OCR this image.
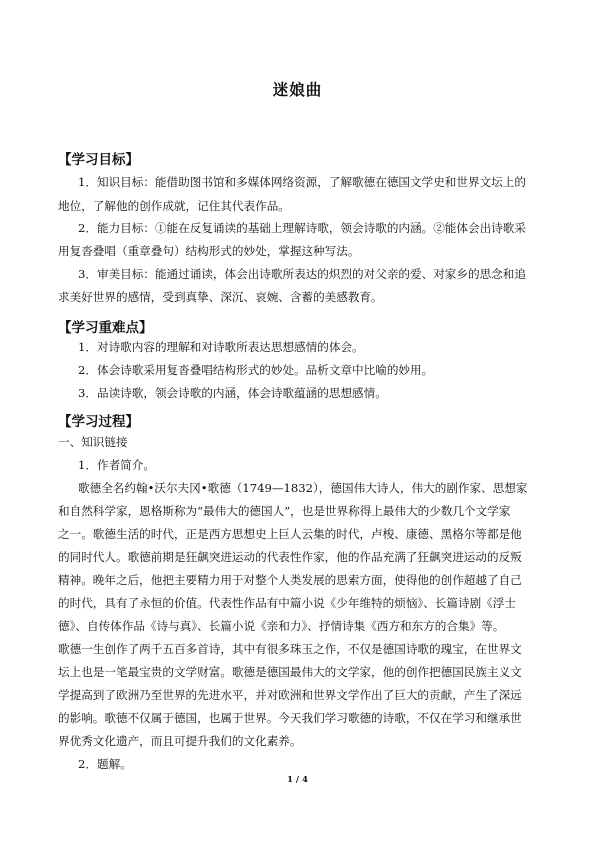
迷娘曲
【学习目标】
1．知识目标：能借助图书馆和多媒体网络资源，了解歌德在德国文学史和世界文坛上的
地位，了解他的创作成就，记住其代表作品。
2．能力目标：①能在反复诵读的基础上理解诗歌，领会诗歌的内涵。②能体会出诗歌采
用复沓叠唱（重章叠句）结构形式的妙处，掌握这种写法。
3．审美目标：能通过诵读，体会出诗歌所表达的炽烈的对父亲的爱、对家乡的思念和追
求美好世界的感情，受到真挚、深沉、哀婉、含蓄的美感教育。
【学习重难点】
1．对诗歌内容的理解和对诗歌所表达思想感情的体会。
2．体会诗歌采用复沓叠唱结构形式的妙处。品析文章中比喻的妙用。
3．品读诗歌，领会诗歌的内涵，体会诗歌蕴涵的思想感情。
【学习过程】
一、知识链接
1．作者简介。
歌德全名约翰•沃尔夫冈•歌德（1749—1832），德国伟大诗人，伟大的剧作家、思想家
和自然科学家，恩格斯称为“最伟大的德国人”，也是世界称得上最伟大的少数几个文学家
之一。歌德生活的时代，正是西方思想史上巨人云集的时代，卢梭、康德、黑格尔等都是他
的同时代人。歌德前期是狂飙突进运动的代表性作家，他的作品充满了狂飙突进运动的反叛
精神。晚年之后，他把主要精力用于对整个人类发展的思索方面，使得他的创作超越了自己
的时代，具有了永恒的价值。代表性作品有中篇小说《少年维特的烦恼》、长篇诗剧《浮士
德》、自传体作品《诗与真》、长篇小说《亲和力》、抒情诗集《西方和东方的合集》等。
歌德一生创作了两千五百多首诗，其中有很多珠玉之作，不仅是德国诗歌的瑰宝，在世界文
坛上也是一笔最宝贵的文学财富。歌德是德国最伟大的文学家，他的创作把德国民族主义文
学提高到了欧洲乃至世界的先进水平，并对欧洲和世界文学作出了巨大的贡献，产生了深远
的影响。歌德不仅属于德国，也属于世界。今天我们学习歌德的诗歌，不仅在学习和继承世
界优秀文化遗产，而且可提升我们的文化素养。
2．题解。
1 / 4
